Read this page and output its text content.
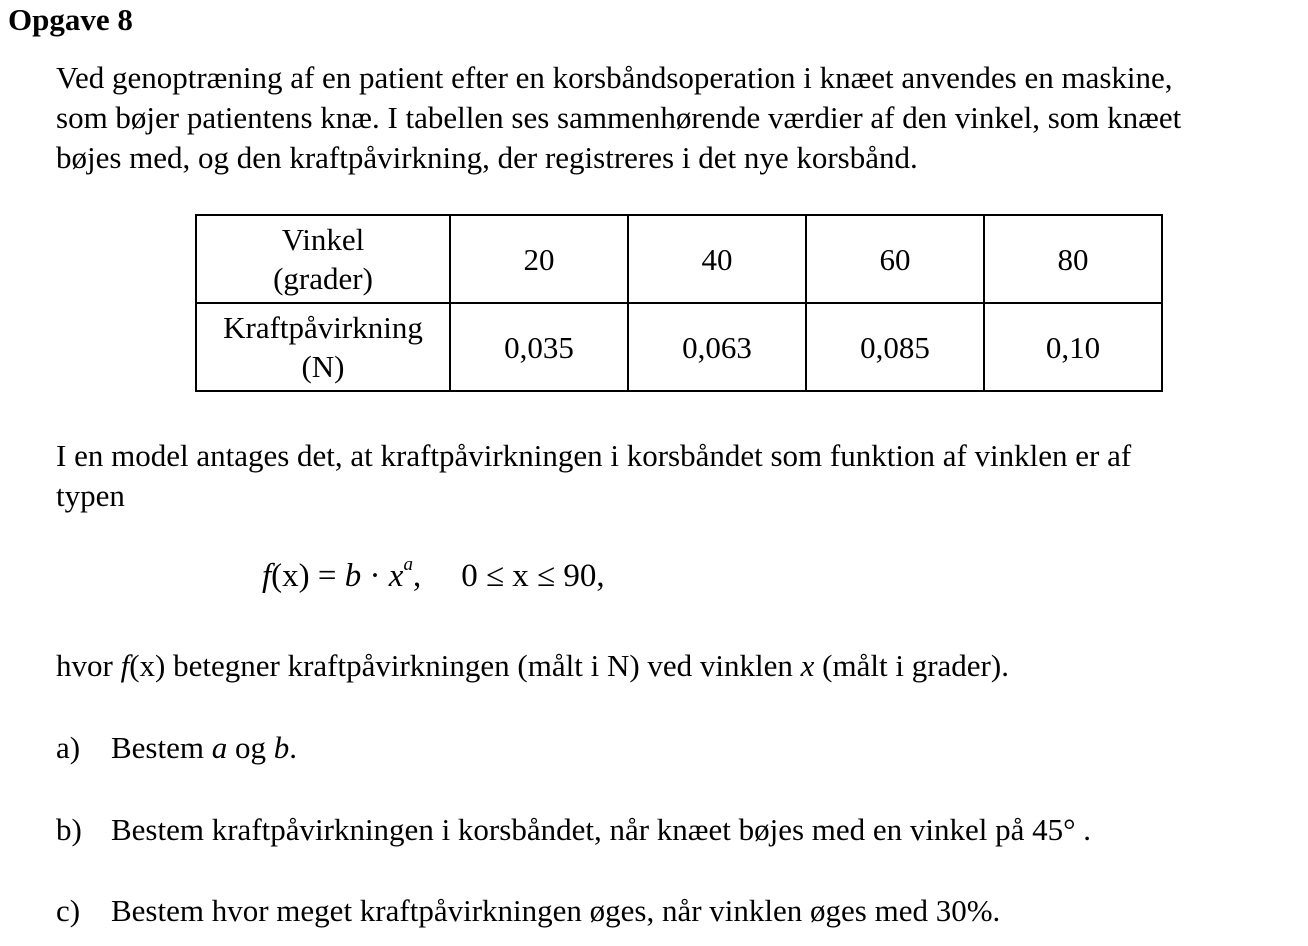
Opgave 8
Ved genoptræning af en patient efter en korsbåndsoperation i knæet anvendes en maskine,
som bøjer patientens knæ. I tabellen ses sammenhørende værdier af den vinkel, som knæet
bøjes med, og den kraftpåvirkning, der registreres i det nye korsbånd.
Vinkel
(grader)	20	40	60	80

Kraftpåvirkning
(N)	0,035	0,063	0,085	0,10
I en model antages det, at kraftpåvirkningen i korsbåndet som funktion af vinklen er af
typen
$f(x) = b \cdot x^a$, 0 ≤ x ≤ 90,
hvor f(x) betegner kraftpåvirkningen (målt i N) ved vinklen x (målt i grader).
a) Bestem a og b.
b) Bestem kraftpåvirkningen i korsbåndet, når knæet bøjes med en vinkel på 45° .
c) Bestem hvor meget kraftpåvirkningen øges, når vinklen øges med 30%.
